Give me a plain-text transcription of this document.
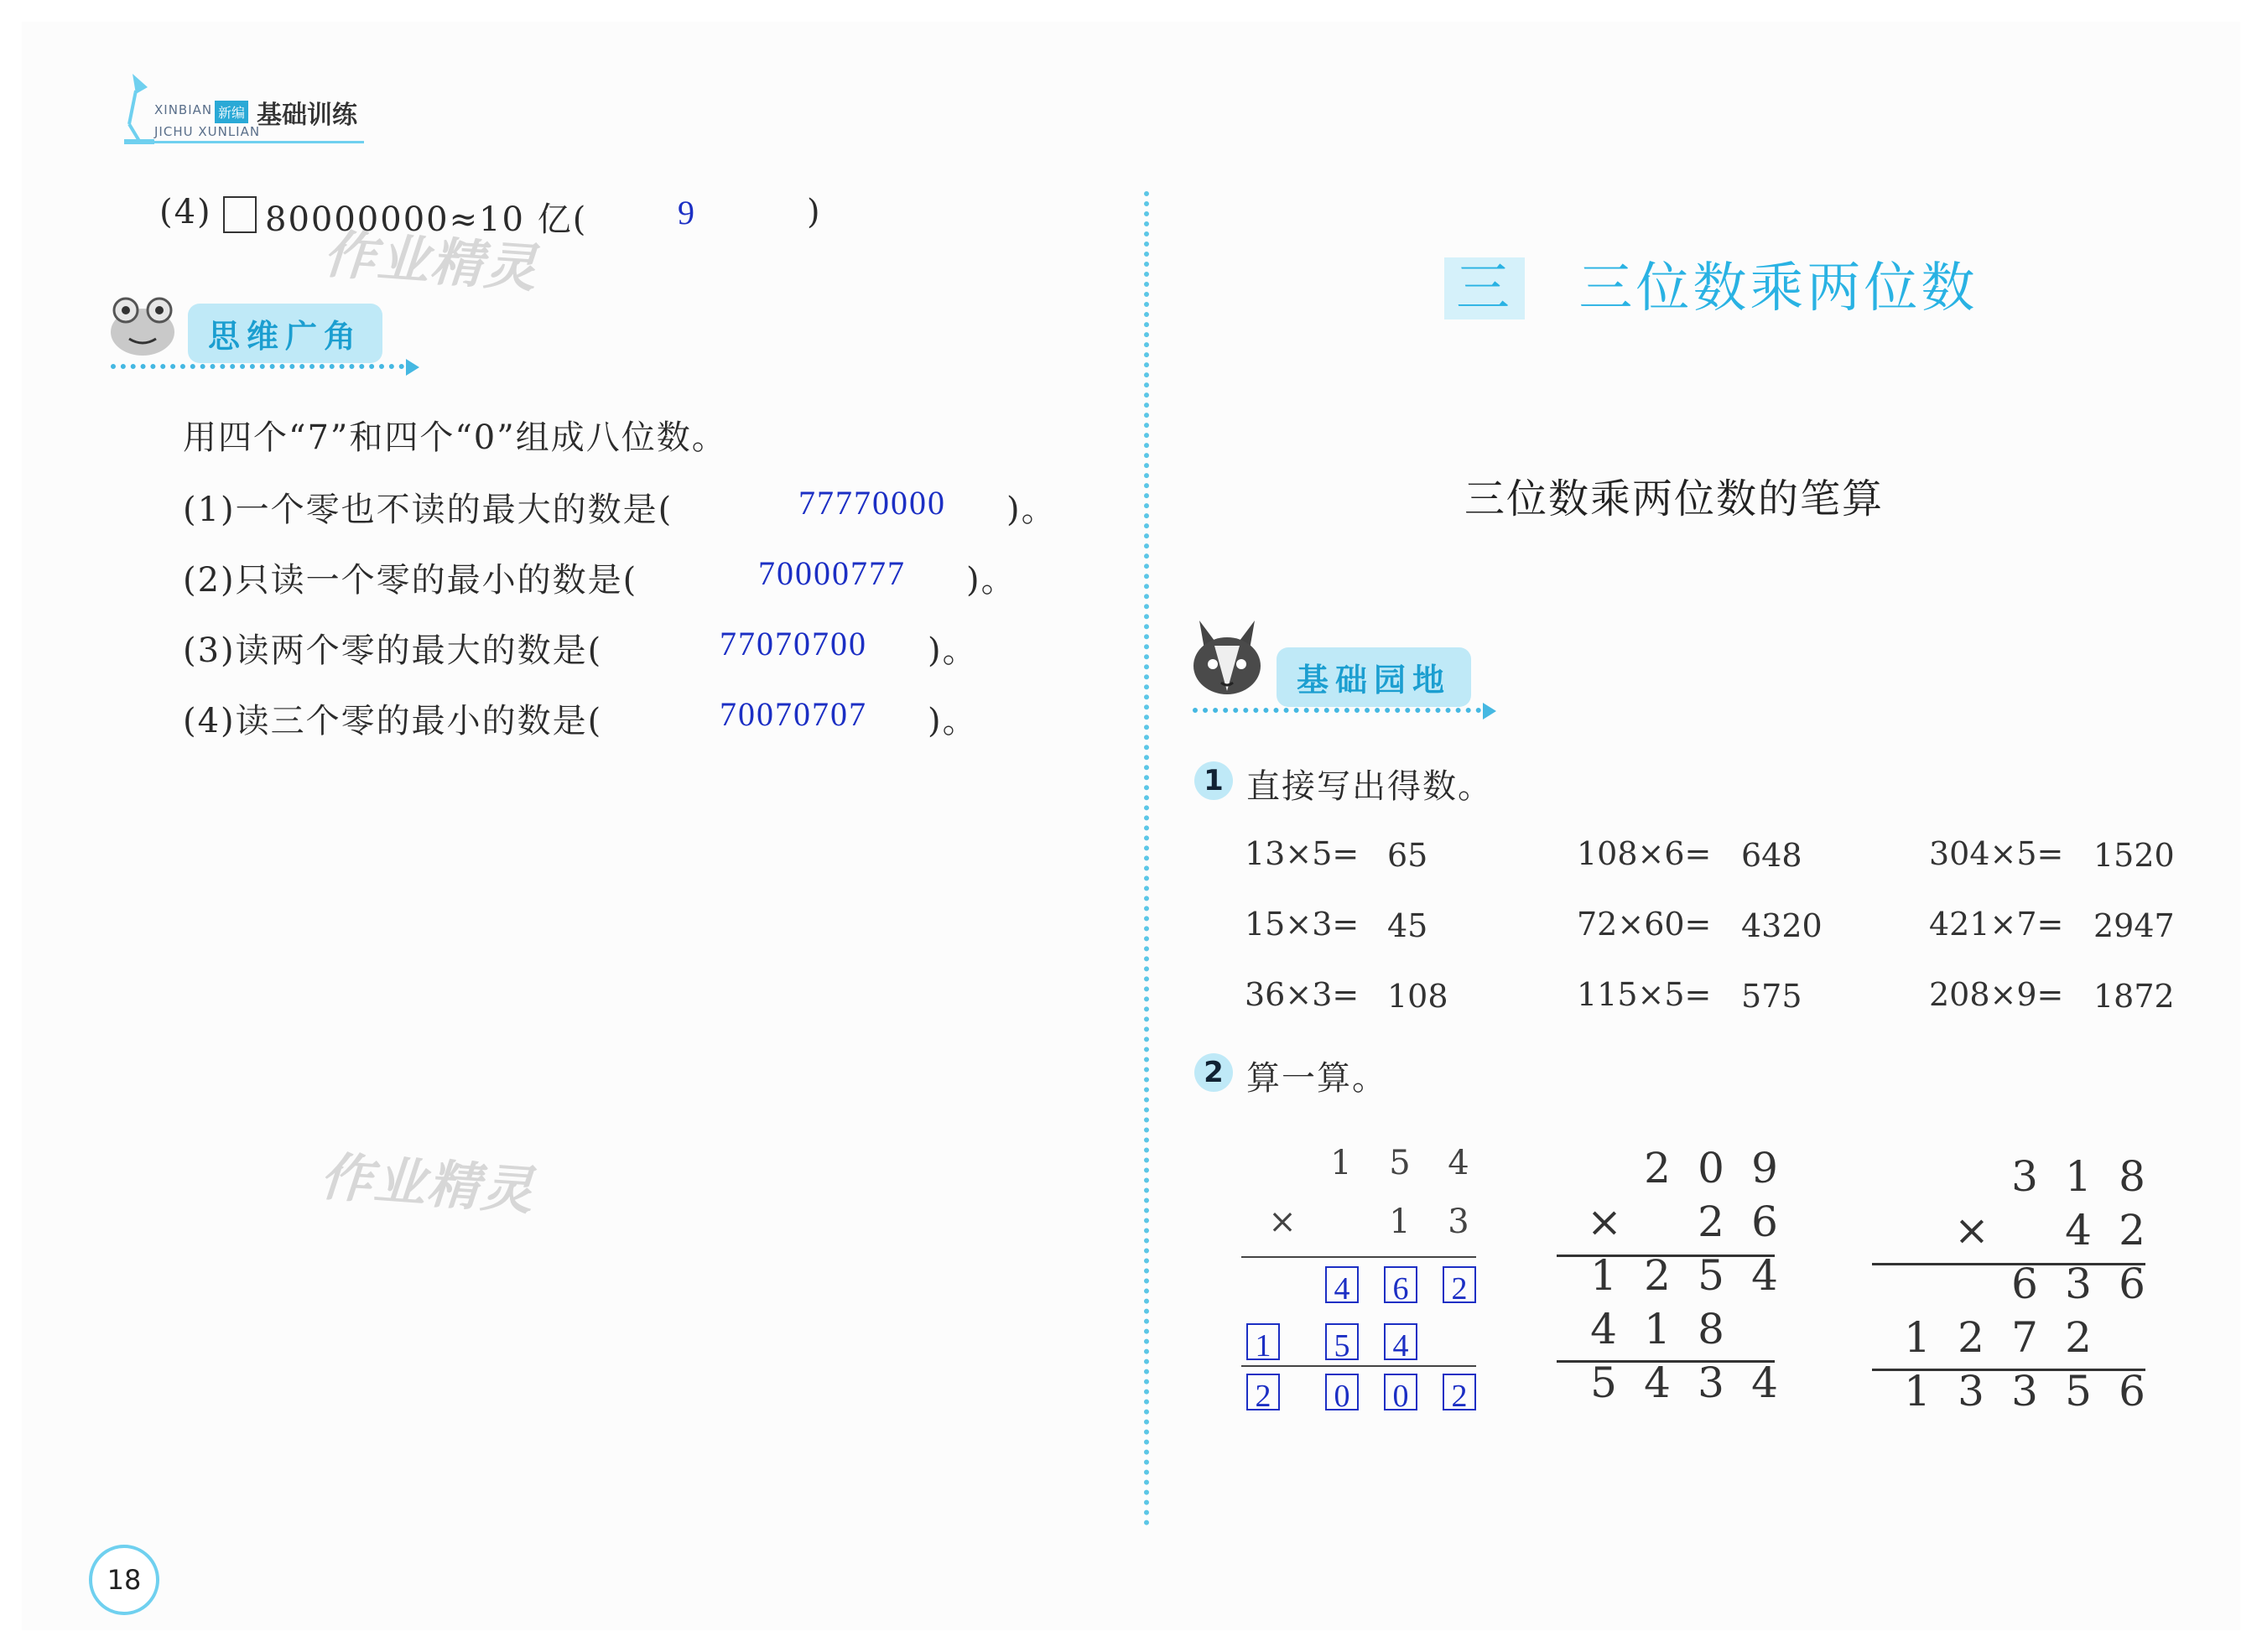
XINBIAN 新编 基础训练
JICHU XUNLIAN
(4) 80000000≈10 亿(	9	)
作业精灵
思维广角
用四个“7”和四个“0”组成八位数。
(1)一个零也不读的最大的数是(	77770000 )。
(2)只读一个零的最小的数是(	70000777 )。
(3)读两个零的最大的数是(	77070700 )。
(4)读三个零的最小的数是(	70070707 )。
作业精灵
18
三 三位数乘两位数
三位数乘两位数的笔算
基础园地
1 直接写出得数。
13×5= 65	108×6= 648	304×5= 1520
15×3= 45	72×60= 4320	421×7= 2947
36×3= 108	115×5= 575	208×9= 1872
2 算一算。
1 5 4
×	1 3
4 6 2
1 5 4
2 0 0 2
2 0 9
× 2 6
1 2 5 4
4 1 8
5 4 3 4
3 1 8
× 4 2
6 3 6
1 2 7 2
1 3 3 5 6
